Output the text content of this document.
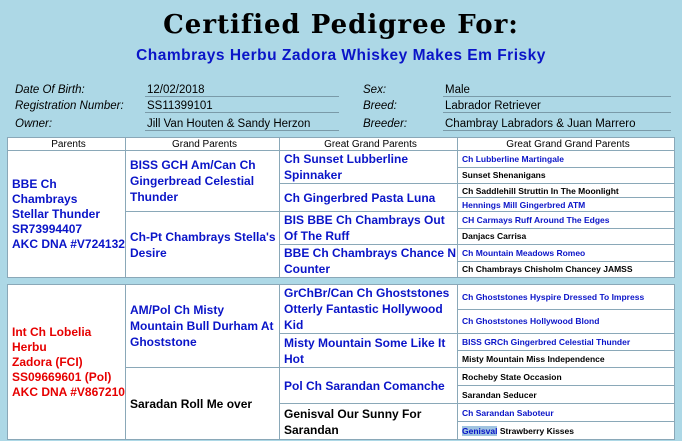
Certified Pedigree For:
Chambrays Herbu Zadora Whiskey Makes Em Frisky
Date Of Birth:	12/02/2018	Sex:	Male
Registration Number: SS11399101	Breed:	Labrador Retriever
Owner:	Jill Van Houten & Sandy Herzon	Breeder:	Chambray Labradors & Juan Marrero
Parents	Grand Parents	Great Grand Parents	Great Grand Grand Parents

BBE Ch Chambrays
Stellar Thunder
SR73994407
AKC DNA #V724132	BISS GCH Am/Can Ch Gingerbread Celestial Thunder	Ch Sunset Lubberline Spinnaker	Ch Lubberline Martingale
			Sunset Shenanigans
		Ch Gingerbred Pasta Luna	Ch Saddlehill Struttin In The Moonlight
			Hennings Mill Gingerbred ATM
	Ch-Pt Chambrays Stella's Desire	BIS BBE Ch Chambrays Out Of The Ruff	CH Carmays Ruff Around The Edges
			Danjacs Carrisa
		BBE Ch Chambrays Chance N Counter	Ch Mountain Meadows Romeo
			Ch Chambrays Chisholm Chancey JAMSS
Int Ch Lobelia Herbu
Zadora (FCI)
SS09669601 (Pol)
AKC DNA #V867210	AM/Pol Ch Misty Mountain Bull Durham At Ghoststone	GrChBr/Can Ch Ghoststones Otterly Fantastic Hollywood Kid	Ch Ghoststones Hyspire Dressed To Impress
			Ch Ghoststones Hollywood Blond
		Misty Mountain Some Like It Hot	BISS GRCh Gingerbred Celestial Thunder
			Misty Mountain Miss Independence
	Saradan Roll Me over	Pol Ch Sarandan Comanche	Rocheby State Occasion
			Sarandan Seducer
		Genisval Our Sunny For Sarandan	Ch Sarandan Saboteur
			Genisval Strawberry Kisses
